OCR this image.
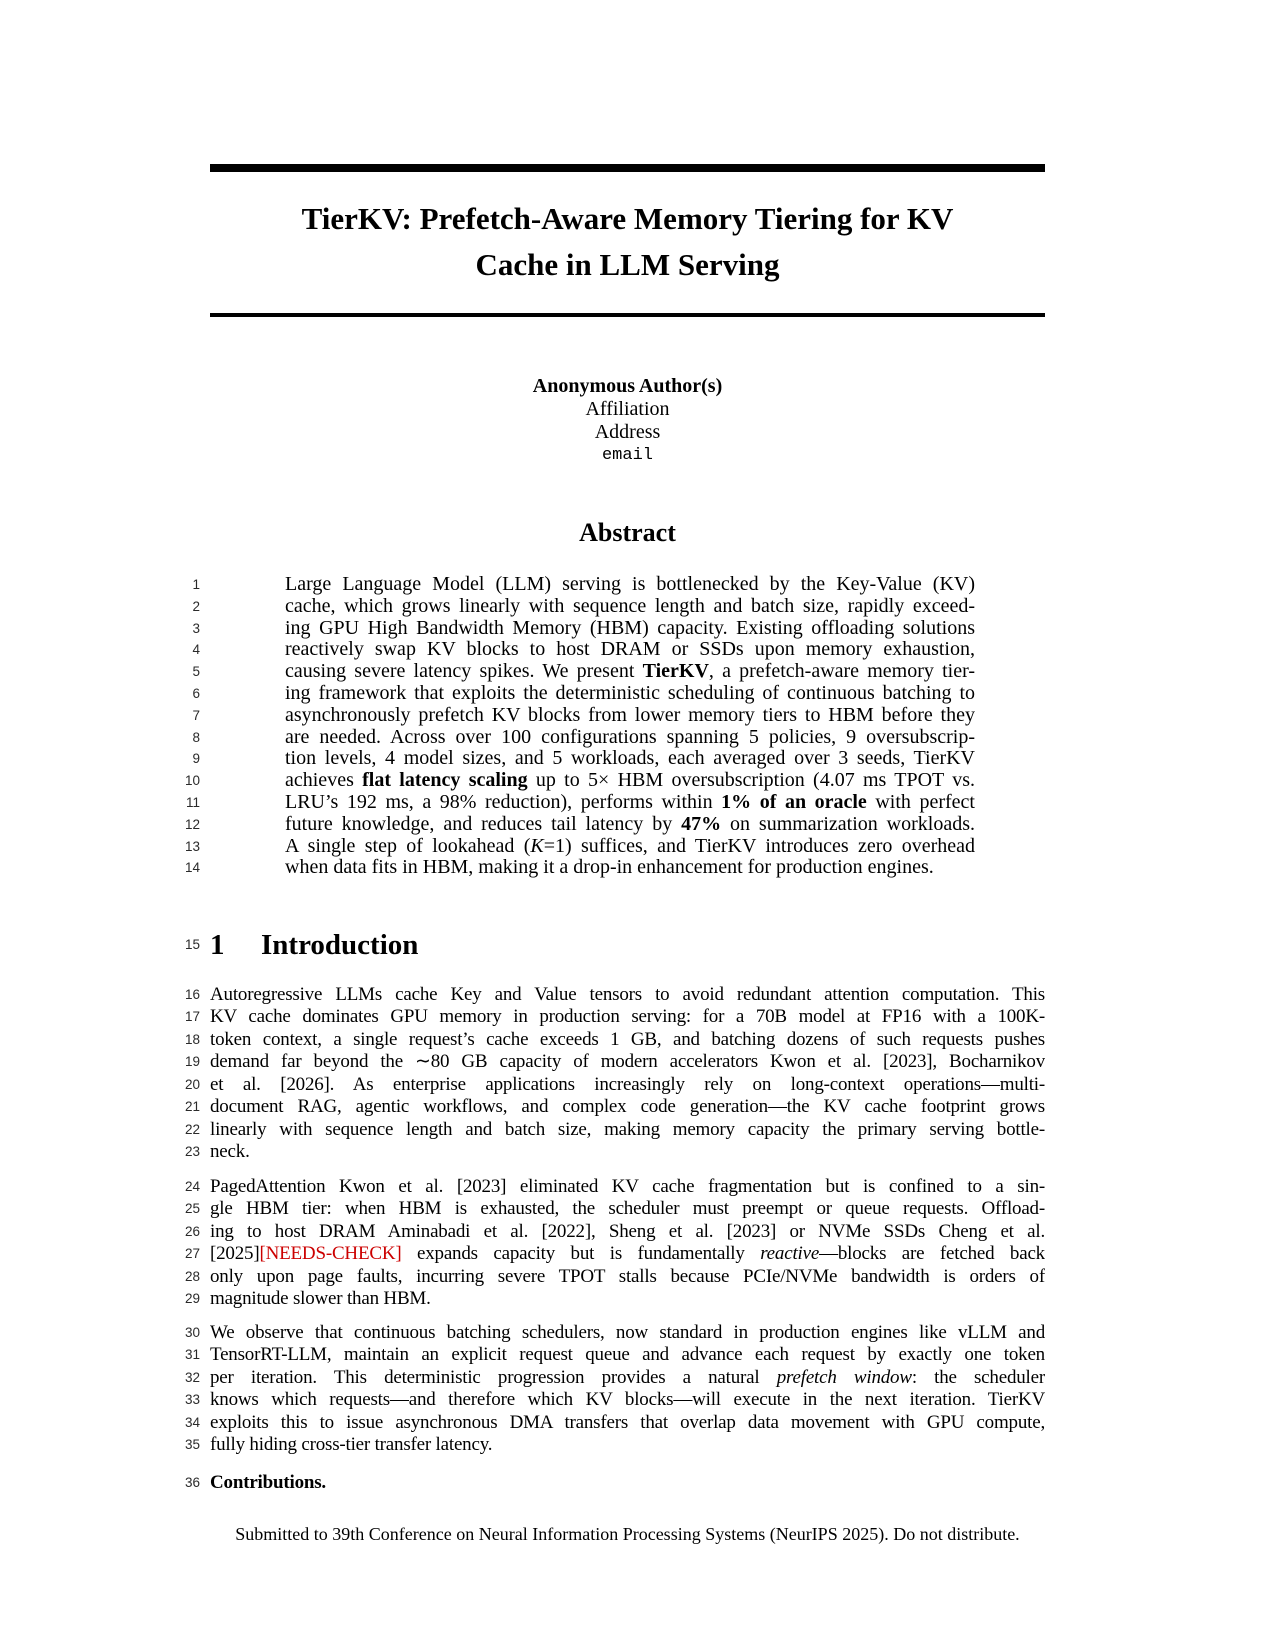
TierKV: Prefetch-Aware Memory Tiering for KV
Cache in LLM Serving
Anonymous Author(s)
Affiliation
Address
email
Abstract
1	Large Language Model (LLM) serving is bottlenecked by the Key-Value (KV)
2	cache, which grows linearly with sequence length and batch size, rapidly exceed-
3	ing GPU High Bandwidth Memory (HBM) capacity. Existing offloading solutions
4	reactively swap KV blocks to host DRAM or SSDs upon memory exhaustion,
5	causing severe latency spikes. We present TierKV, a prefetch-aware memory tier-
6	ing framework that exploits the deterministic scheduling of continuous batching to
7	asynchronously prefetch KV blocks from lower memory tiers to HBM before they
8	are needed. Across over 100 configurations spanning 5 policies, 9 oversubscrip-
9	tion levels, 4 model sizes, and 5 workloads, each averaged over 3 seeds, TierKV
10	achieves flat latency scaling up to 5× HBM oversubscription (4.07 ms TPOT vs.
11	LRU’s 192 ms, a 98% reduction), performs within 1% of an oracle with perfect
12	future knowledge, and reduces tail latency by 47% on summarization workloads.
13	A single step of lookahead (K=1) suffices, and TierKV introduces zero overhead
14	when data fits in HBM, making it a drop-in enhancement for production engines.
15 1 Introduction
16 Autoregressive LLMs cache Key and Value tensors to avoid redundant attention computation. This
17 KV cache dominates GPU memory in production serving: for a 70B model at FP16 with a 100K-
18 token context, a single request’s cache exceeds 1 GB, and batching dozens of such requests pushes
19 demand far beyond the ∼80 GB capacity of modern accelerators Kwon et al. [2023], Bocharnikov
20 et al. [2026]. As enterprise applications increasingly rely on long-context operations—multi-
21 document RAG, agentic workflows, and complex code generation—the KV cache footprint grows
22 linearly with sequence length and batch size, making memory capacity the primary serving bottle-
23 neck.
24 PagedAttention Kwon et al. [2023] eliminated KV cache fragmentation but is confined to a sin-
25 gle HBM tier: when HBM is exhausted, the scheduler must preempt or queue requests. Offload-
26 ing to host DRAM Aminabadi et al. [2022], Sheng et al. [2023] or NVMe SSDs Cheng et al.
27 [2025][NEEDS-CHECK] expands capacity but is fundamentally reactive—blocks are fetched back
28 only upon page faults, incurring severe TPOT stalls because PCIe/NVMe bandwidth is orders of
29 magnitude slower than HBM.
30 We observe that continuous batching schedulers, now standard in production engines like vLLM and
31 TensorRT-LLM, maintain an explicit request queue and advance each request by exactly one token
32 per iteration. This deterministic progression provides a natural prefetch window: the scheduler
33 knows which requests—and therefore which KV blocks—will execute in the next iteration. TierKV
34 exploits this to issue asynchronous DMA transfers that overlap data movement with GPU compute,
35 fully hiding cross-tier transfer latency.
36 Contributions.
Submitted to 39th Conference on Neural Information Processing Systems (NeurIPS 2025). Do not distribute.
